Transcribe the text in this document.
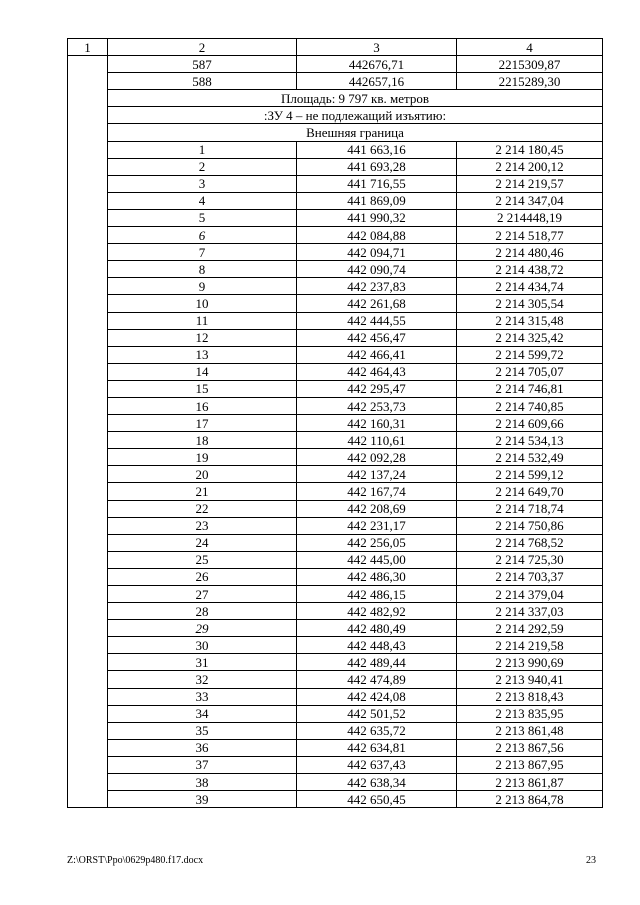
1	2	3	4
	587	442676,71	2215309,87
	588	442657,16	2215289,30
	Площадь: 9 797 кв. метров		
	:ЗУ 4 – не подлежащий изъятию:		
	Внешняя граница		
	1	441 663,16	2 214 180,45
	2	441 693,28	2 214 200,12
	3	441 716,55	2 214 219,57
	4	441 869,09	2 214 347,04
	5	441 990,32	2 214448,19
	6	442 084,88	2 214 518,77
	7	442 094,71	2 214 480,46
	8	442 090,74	2 214 438,72
	9	442 237,83	2 214 434,74
	10	442 261,68	2 214 305,54
	11	442 444,55	2 214 315,48
	12	442 456,47	2 214 325,42
	13	442 466,41	2 214 599,72
	14	442 464,43	2 214 705,07
	15	442 295,47	2 214 746,81
	16	442 253,73	2 214 740,85
	17	442 160,31	2 214 609,66
	18	442 110,61	2 214 534,13
	19	442 092,28	2 214 532,49
	20	442 137,24	2 214 599,12
	21	442 167,74	2 214 649,70
	22	442 208,69	2 214 718,74
	23	442 231,17	2 214 750,86
	24	442 256,05	2 214 768,52
	25	442 445,00	2 214 725,30
	26	442 486,30	2 214 703,37
	27	442 486,15	2 214 379,04
	28	442 482,92	2 214 337,03
	29	442 480,49	2 214 292,59
	30	442 448,43	2 214 219,58
	31	442 489,44	2 213 990,69
	32	442 474,89	2 213 940,41
	33	442 424,08	2 213 818,43
	34	442 501,52	2 213 835,95
	35	442 635,72	2 213 861,48
	36	442 634,81	2 213 867,56
	37	442 637,43	2 213 867,95
	38	442 638,34	2 213 861,87
	39	442 650,45	2 213 864,78
Z:\ORST\Ppo\0629p480.f17.docx	23
